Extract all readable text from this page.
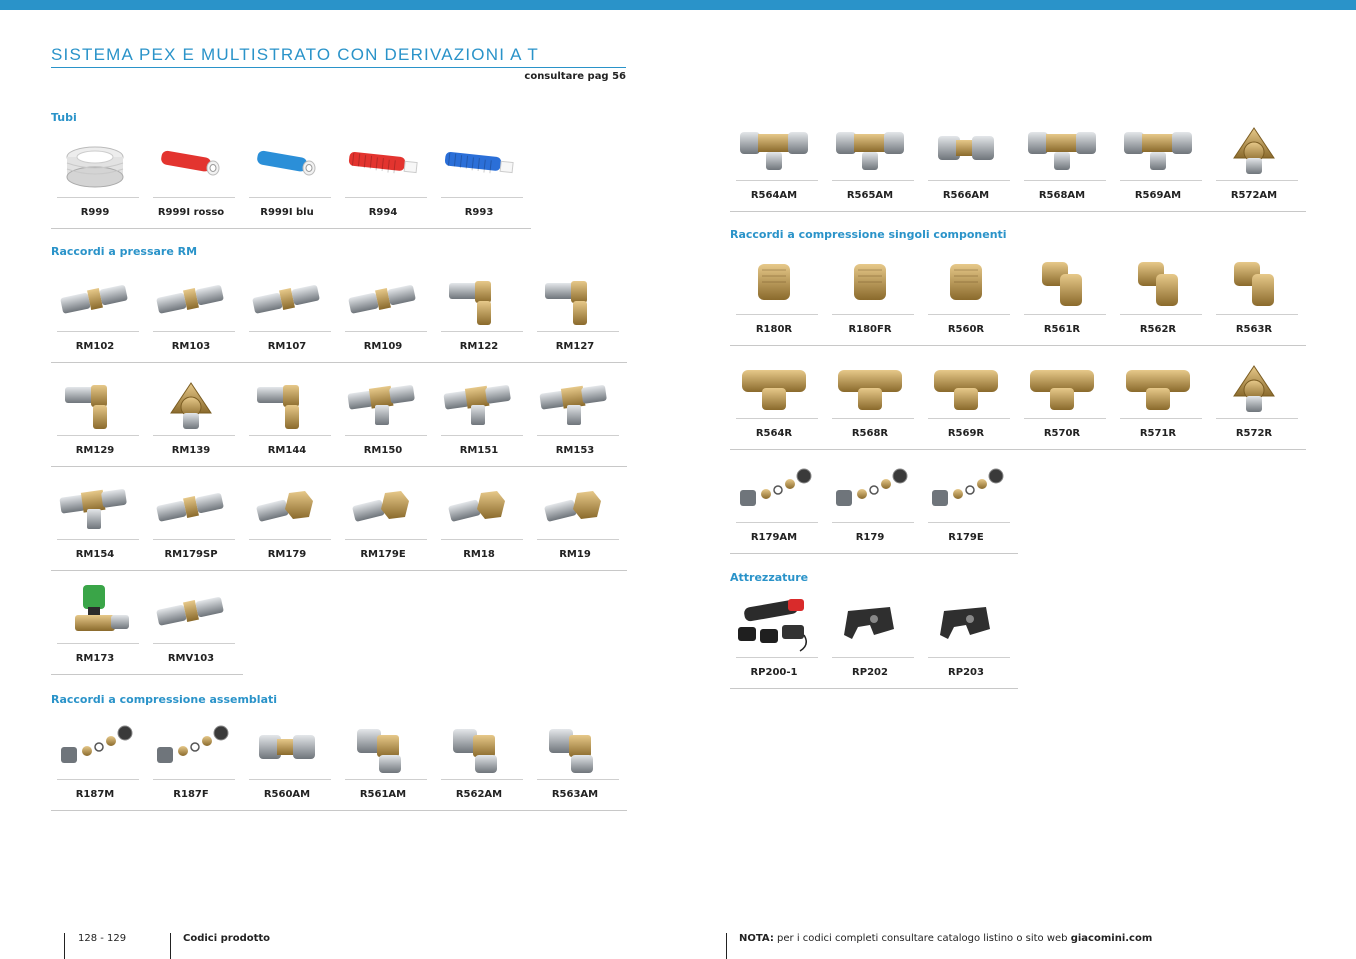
SISTEMA PEX E MULTISTRATO CON DERIVAZIONI A T
consultare pag 56
Tubi
R999	R999I rosso	R999I blu	R994	R993
Raccordi a pressare RM
RM102	RM103	RM107	RM109	RM122	RM127
RM129	RM139	RM144	RM150	RM151	RM153
RM154	RM179SP	RM179	RM179E	RM18	RM19
RM173	RMV103
Raccordi a compressione assemblati
R187M	R187F	R560AM	R561AM	R562AM	R563AM
R564AM	R565AM	R566AM	R568AM	R569AM	R572AM
Raccordi a compressione singoli componenti
R180R	R180FR	R560R	R561R	R562R	R563R
R564R	R568R	R569R	R570R	R571R	R572R
R179AM	R179	R179E
Attrezzature
RP200-1	RP202	RP203
128 - 129	Codici prodotto	NOTA: per i codici completi consultare catalogo listino o sito web giacomini.com
